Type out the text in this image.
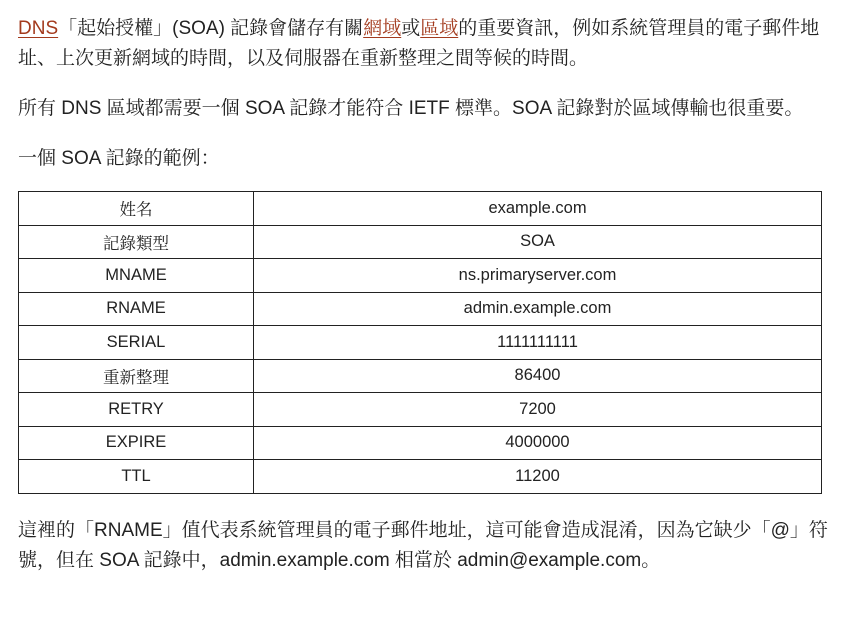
DNS「起始授權」(SOA) 記錄會儲存有關網域或區域的重要資訊，例如系統管理員的電子郵件地址、上次更新網域的時間，以及伺服器在重新整理之間等候的時間。

所有 DNS 區域都需要一個 SOA 記錄才能符合 IETF 標準。SOA 記錄對於區域傳輸也很重要。

一個 SOA 記錄的範例：

姓名	example.com
記錄類型	SOA
MNAME	ns.primaryserver.com
RNAME	admin.example.com
SERIAL	1111111111
重新整理	86400
RETRY	7200
EXPIRE	4000000
TTL	11200

這裡的「RNAME」值代表系統管理員的電子郵件地址，這可能會造成混淆，因為它缺少「@」符號，但在 SOA 記錄中，admin.example.com 相當於 admin@example.com。
